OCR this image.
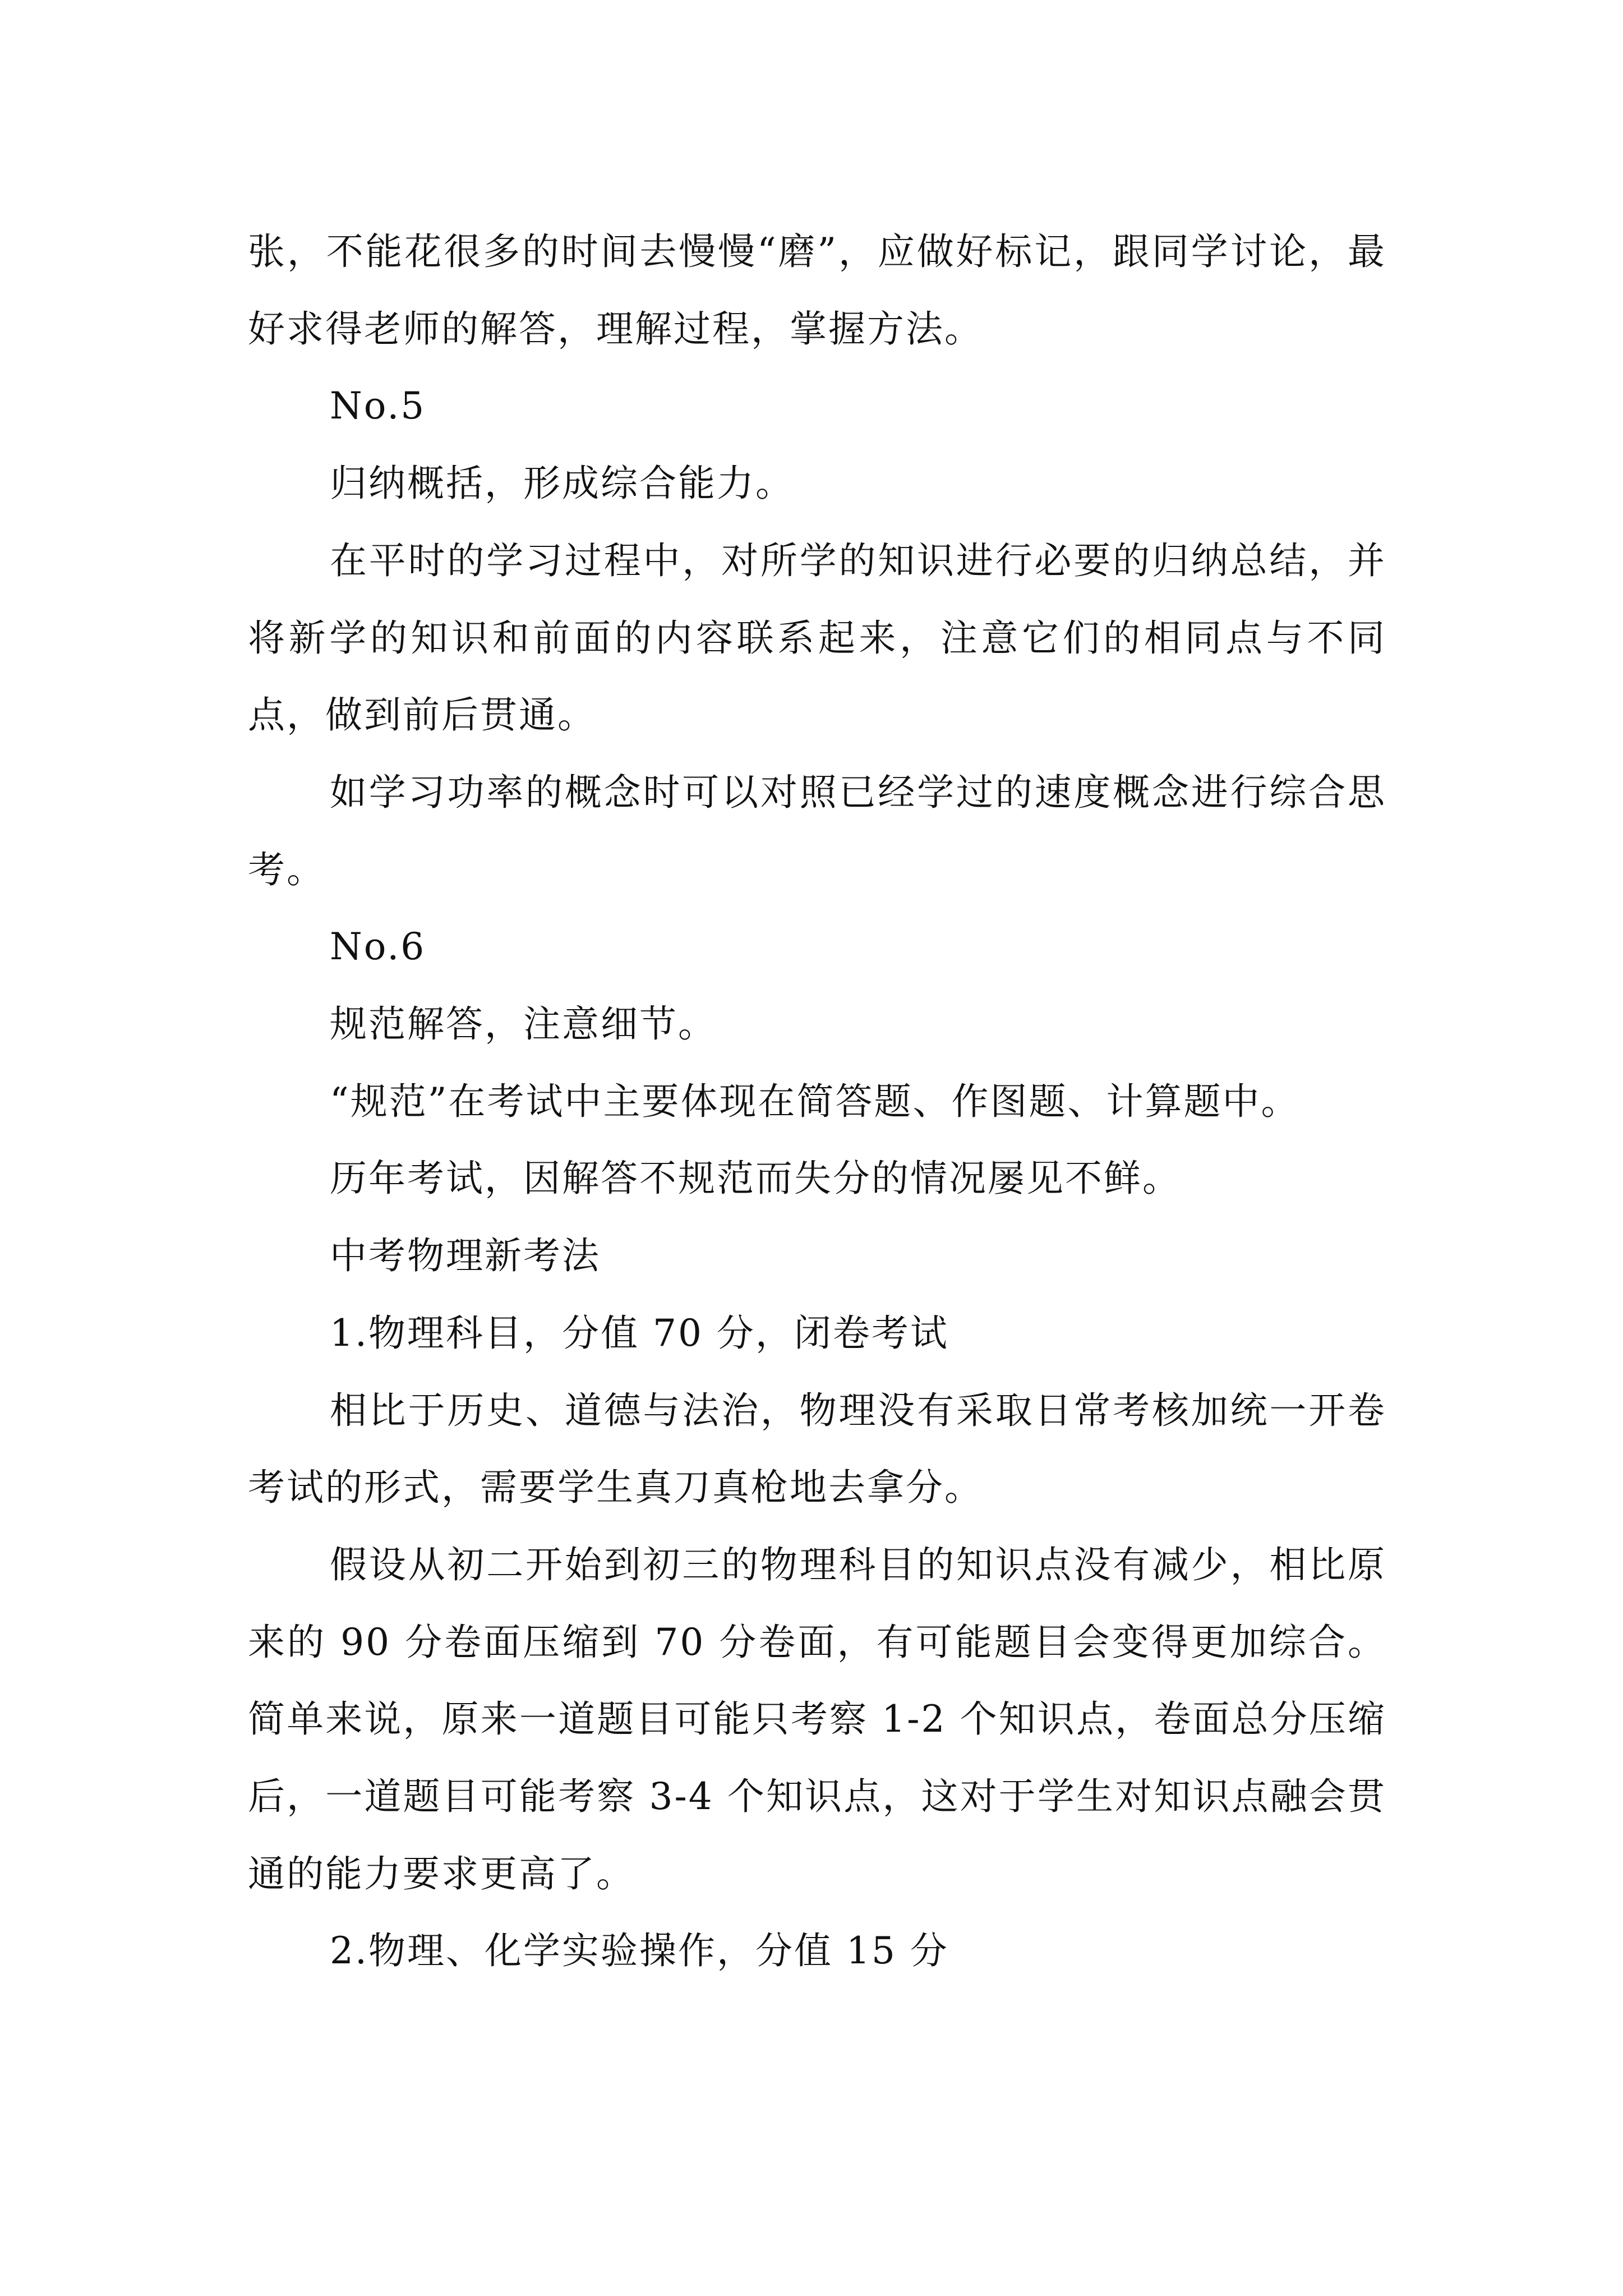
张，不能花很多的时间去慢慢“磨”，应做好标记，跟同学讨论，最好求得老师的解答，理解过程，掌握方法。

No.5

归纳概括，形成综合能力。

在平时的学习过程中，对所学的知识进行必要的归纳总结，并将新学的知识和前面的内容联系起来，注意它们的相同点与不同点，做到前后贯通。

如学习功率的概念时可以对照已经学过的速度概念进行综合思考。

No.6

规范解答，注意细节。

“规范”在考试中主要体现在简答题、作图题、计算题中。

历年考试，因解答不规范而失分的情况屡见不鲜。

中考物理新考法

1.物理科目，分值 70 分，闭卷考试

相比于历史、道德与法治，物理没有采取日常考核加统一开卷考试的形式，需要学生真刀真枪地去拿分。

假设从初二开始到初三的物理科目的知识点没有减少，相比原来的 90 分卷面压缩到 70 分卷面，有可能题目会变得更加综合。简单来说，原来一道题目可能只考察 1-2 个知识点，卷面总分压缩后，一道题目可能考察 3-4 个知识点，这对于学生对知识点融会贯通的能力要求更高了。

2.物理、化学实验操作，分值 15 分
